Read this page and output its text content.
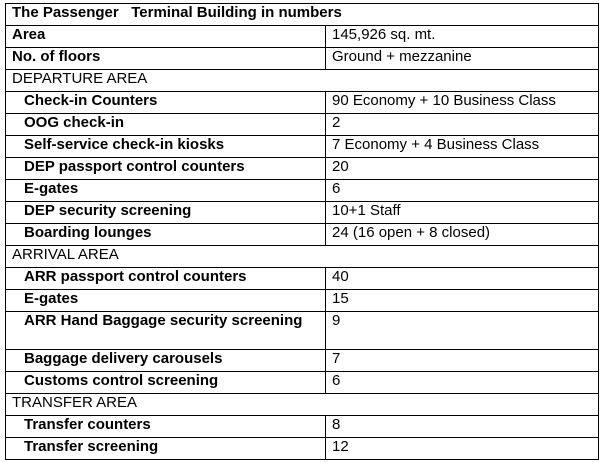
The Passenger   Terminal Building in numbers	
Area	145,926 sq. mt.
No. of floors	Ground + mezzanine
DEPARTURE AREA	
Check-in Counters	90 Economy + 10 Business Class
OOG check-in	2
Self-service check-in kiosks	7 Economy + 4 Business Class
DEP passport control counters	20
E-gates	6
DEP security screening	10+1 Staff
Boarding lounges	24 (16 open + 8 closed)
ARRIVAL AREA	
ARR passport control counters	40
E-gates	15
ARR Hand Baggage security screening	9
Baggage delivery carousels	7
Customs control screening	6
TRANSFER AREA	
Transfer counters	8
Transfer screening	12
